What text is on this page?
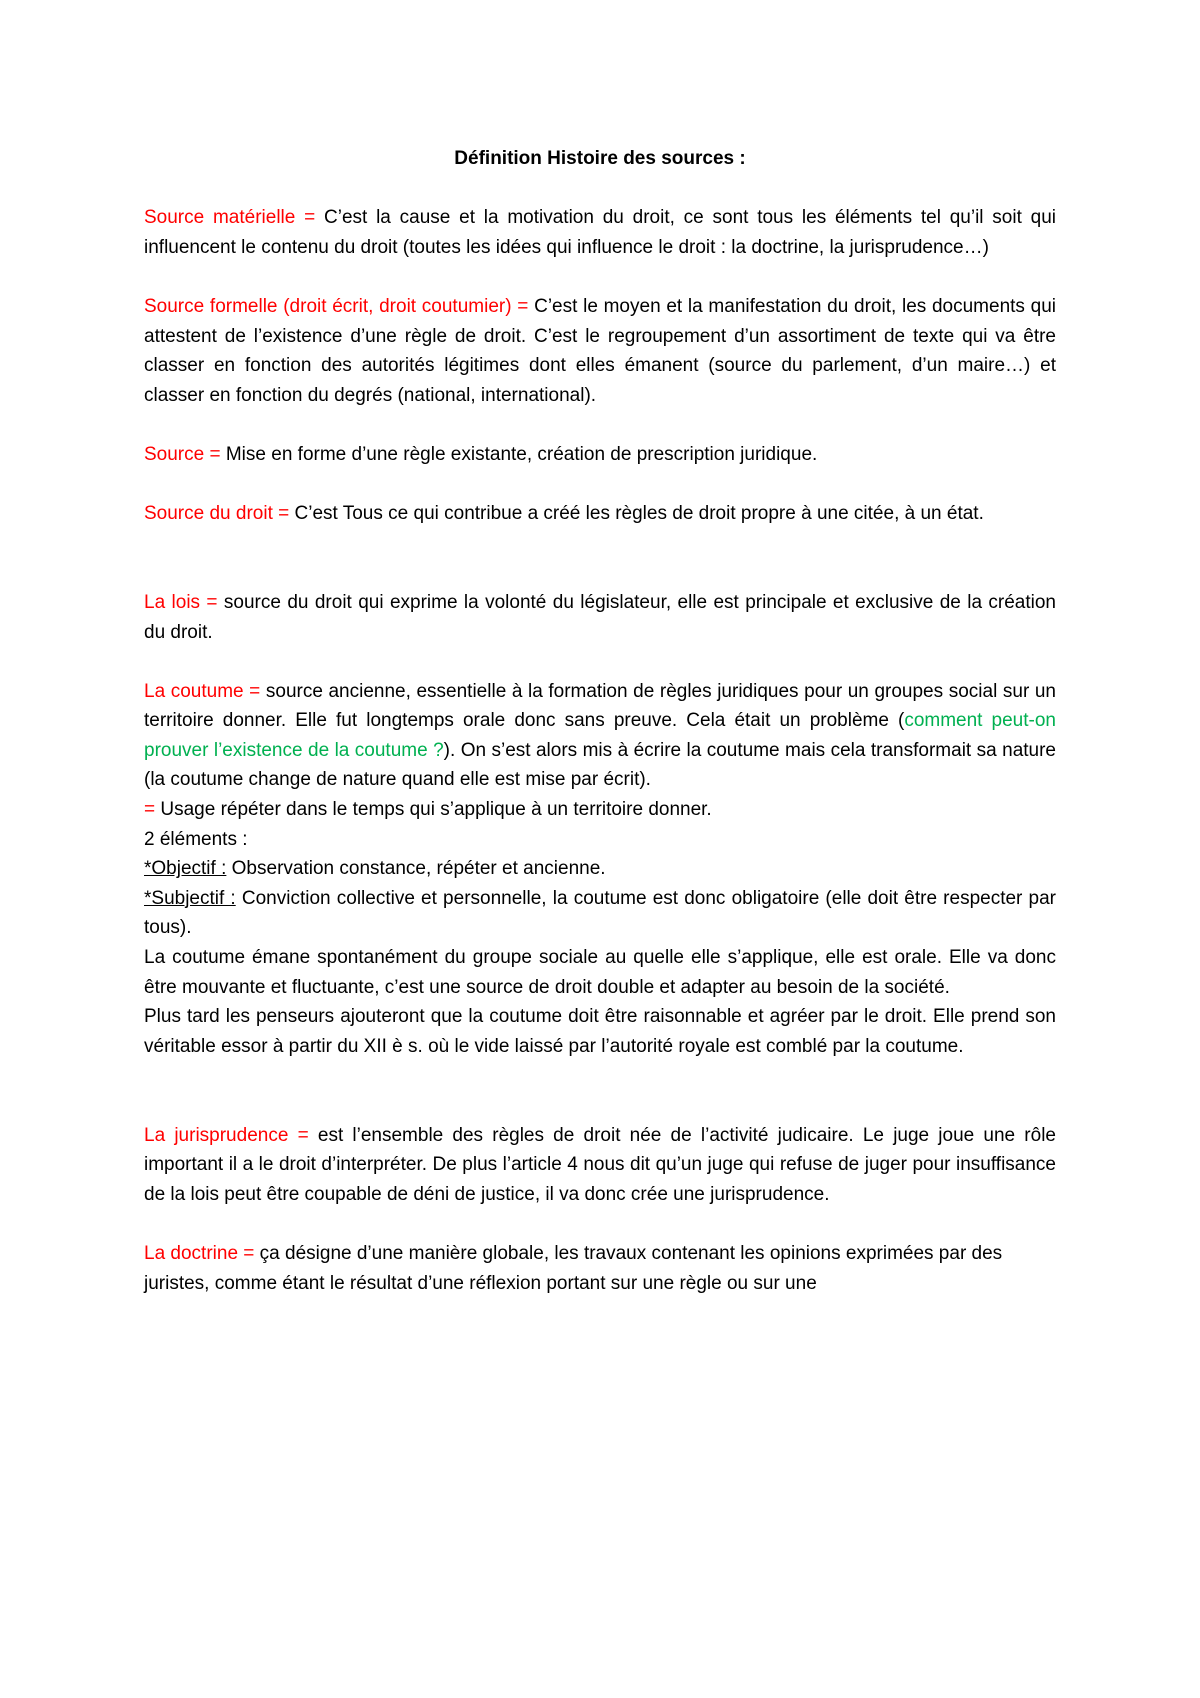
Définition Histoire des sources :

Source matérielle = C’est la cause et la motivation du droit, ce sont tous les éléments tel qu’il soit qui influencent le contenu du droit (toutes les idées qui influence le droit : la doctrine, la jurisprudence…)

Source formelle (droit écrit, droit coutumier) = C’est le moyen et la manifestation du droit, les documents qui attestent de l’existence d’une règle de droit. C’est le regroupement d’un assortiment de texte qui va être classer en fonction des autorités légitimes dont elles émanent (source du parlement, d’un maire…) et classer en fonction du degrés (national, international).

Source = Mise en forme d’une règle existante, création de prescription juridique.

Source du droit = C’est Tous ce qui contribue a créé les règles de droit propre à une citée, à un état.

La lois = source du droit qui exprime la volonté du législateur, elle est principale et exclusive de la création du droit.

La coutume = source ancienne, essentielle à la formation de règles juridiques pour un groupes social sur un territoire donner. Elle fut longtemps orale donc sans preuve. Cela était un problème (comment peut-on prouver l’existence de la coutume ?). On s’est alors mis à écrire la coutume mais cela transformait sa nature (la coutume change de nature quand elle est mise par écrit).

= Usage répéter dans le temps qui s’applique à un territoire donner.

2 éléments :

*Objectif : Observation constance, répéter et ancienne.

*Subjectif : Conviction collective et personnelle, la coutume est donc obligatoire (elle doit être respecter par tous).

La coutume émane spontanément du groupe sociale au quelle elle s’applique, elle est orale. Elle va donc être mouvante et fluctuante, c’est une source de droit double et adapter au besoin de la société.

Plus tard les penseurs ajouteront que la coutume doit être raisonnable et agréer par le droit. Elle prend son véritable essor à partir du XII è s. où le vide laissé par l’autorité royale est comblé par la coutume.

La jurisprudence = est l’ensemble des règles de droit née de l’activité judicaire. Le juge joue une rôle important il a le droit d’interpréter. De plus l’article 4 nous dit qu’un juge qui refuse de juger pour insuffisance de la lois peut être coupable de déni de justice, il va donc crée une jurisprudence.

La doctrine = ça désigne d’une manière globale, les travaux contenant les opinions exprimées par des juristes, comme étant le résultat d’une réflexion portant sur une règle ou sur une
